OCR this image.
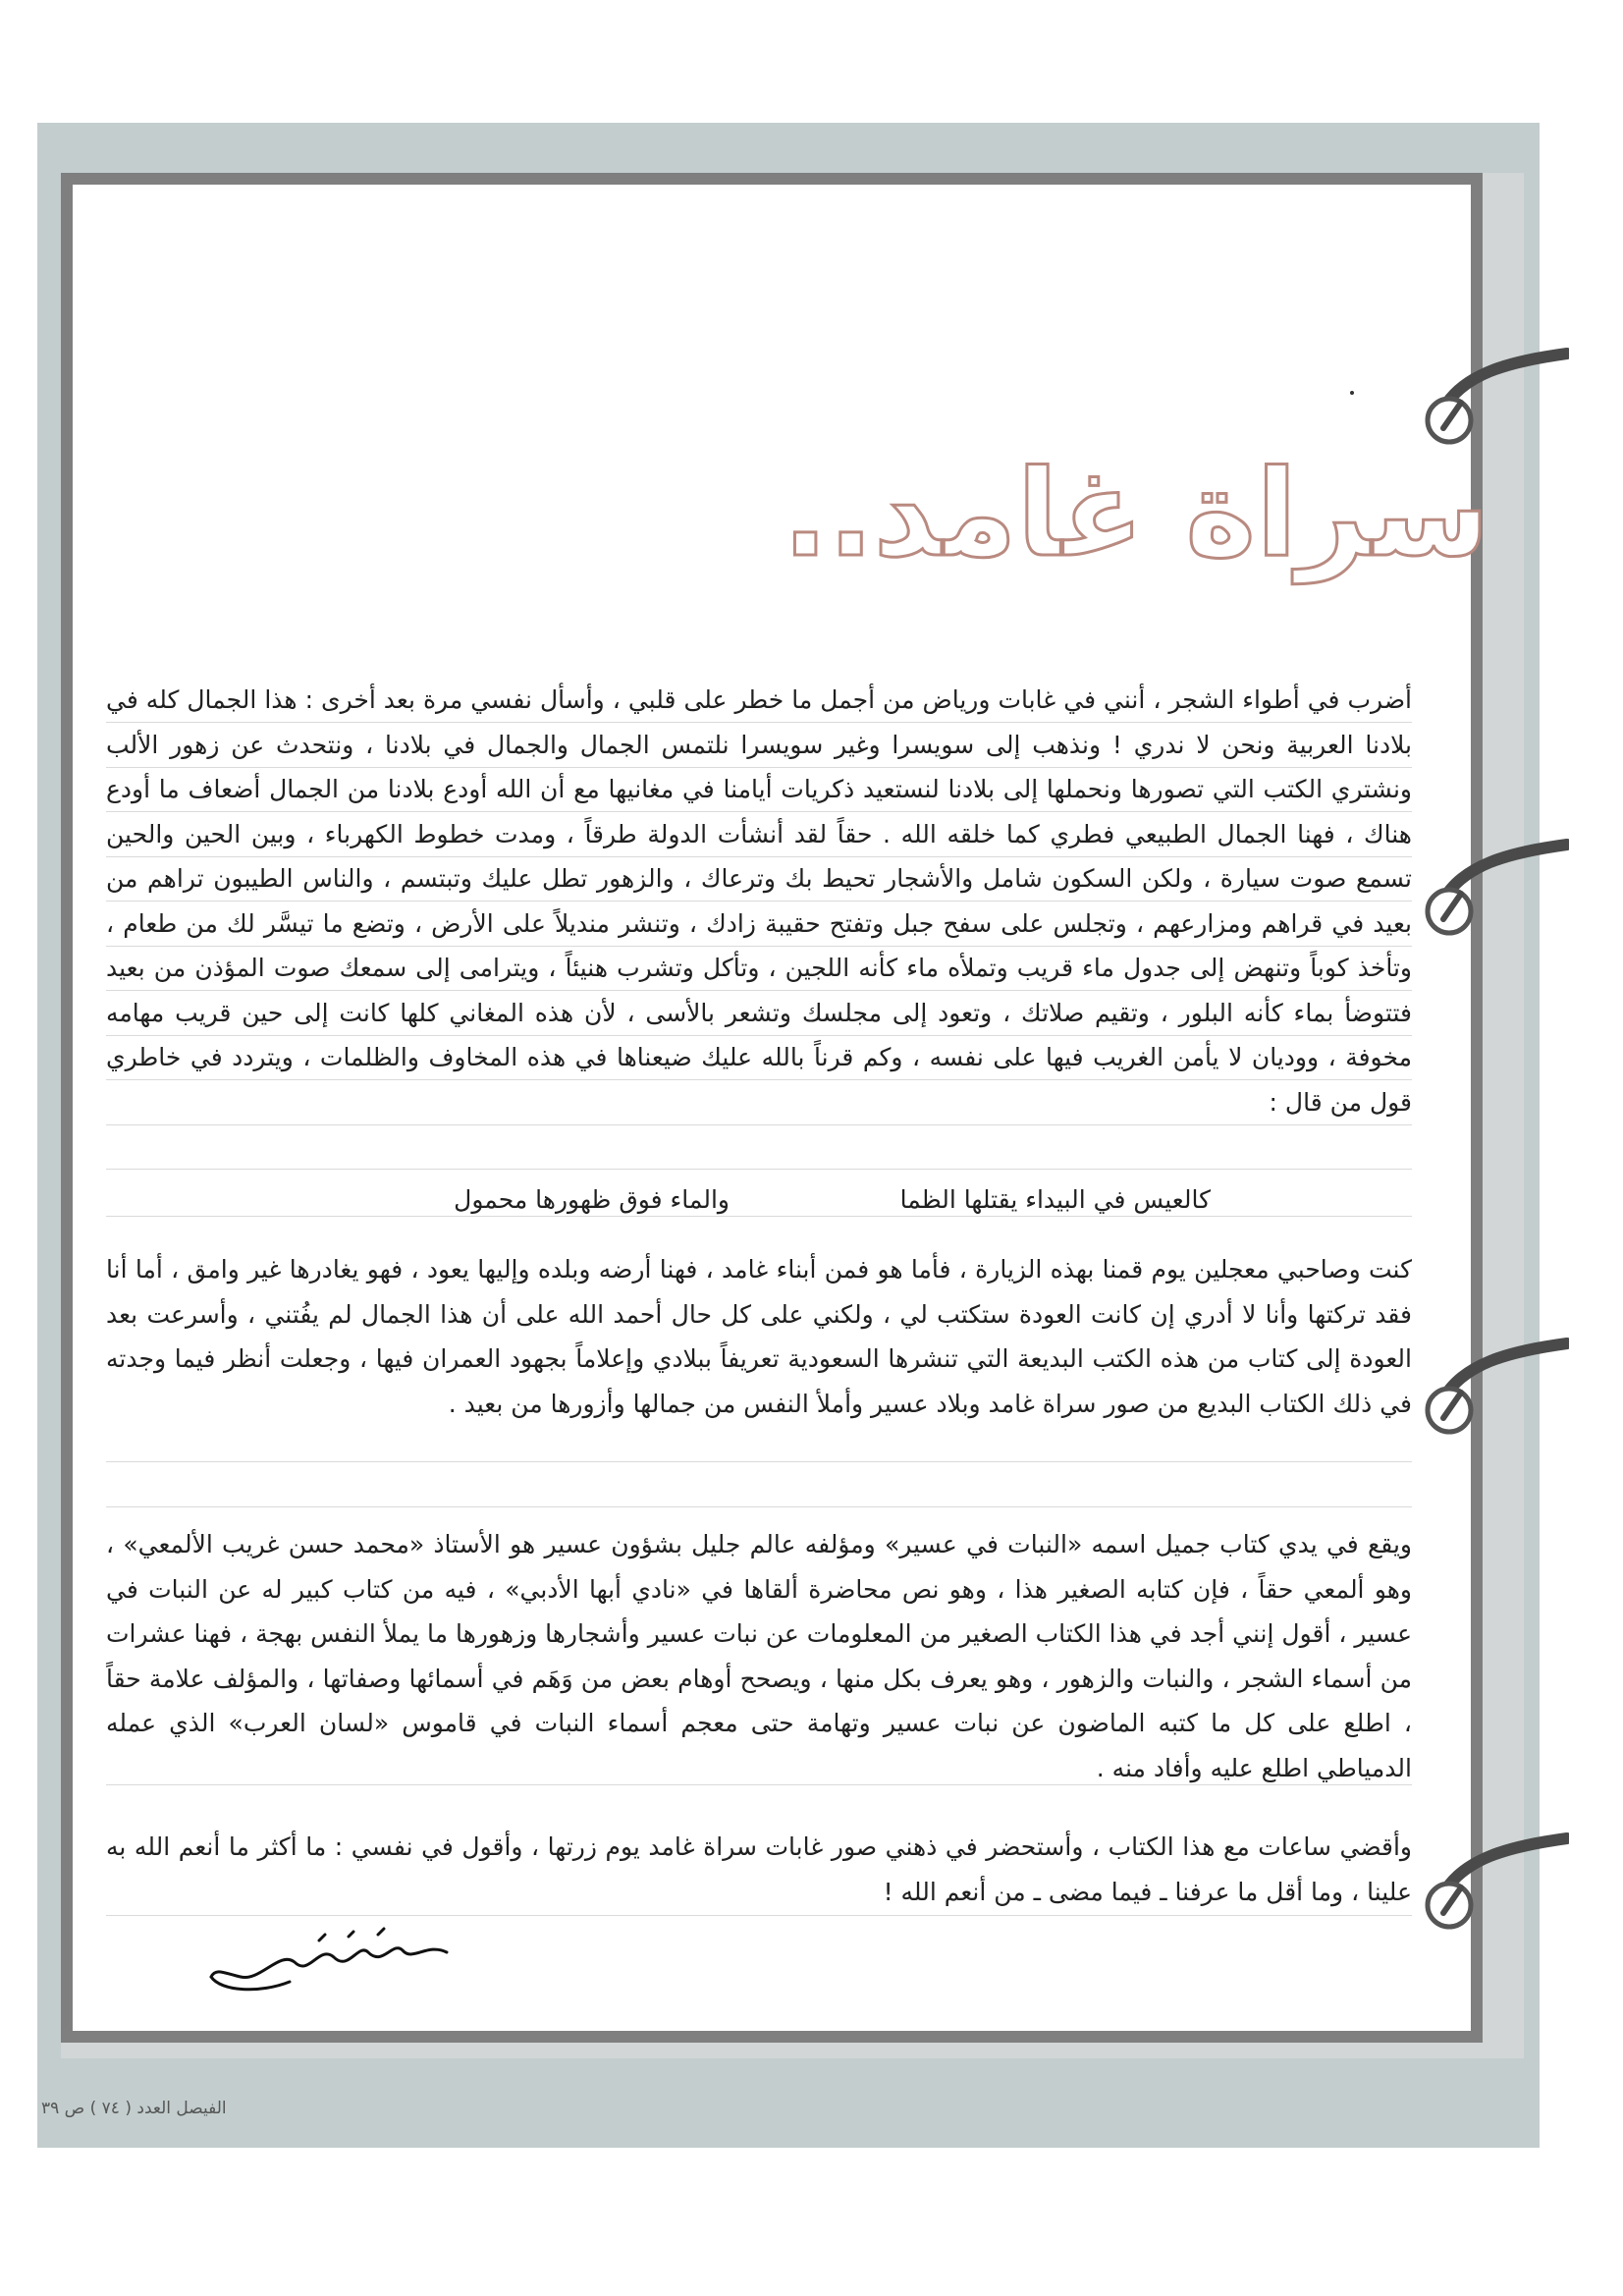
سراة غامد..

أضرب في أطواء الشجر ، أنني في غابات ورياض من أجمل ما خطر على قلبي ، وأسأل نفسي مرة بعد أخرى : هذا الجمال كله في بلادنا العربية ونحن لا ندري ! ونذهب إلى سويسرا وغير سويسرا نلتمس الجمال والجمال في بلادنا ، ونتحدث عن زهور الألب ونشتري الكتب التي تصورها ونحملها إلى بلادنا لنستعيد ذكريات أيامنا في مغانيها مع أن الله أودع بلادنا من الجمال أضعاف ما أودع هناك ، فهنا الجمال الطبيعي فطري كما خلقه الله . حقاً لقد أنشأت الدولة طرقاً ، ومدت خطوط الكهرباء ، وبين الحين والحين تسمع صوت سيارة ، ولكن السكون شامل والأشجار تحيط بك وترعاك ، والزهور تطل عليك وتبتسم ، والناس الطيبون تراهم من بعيد في قراهم ومزارعهم ، وتجلس على سفح جبل وتفتح حقيبة زادك ، وتنشر منديلاً على الأرض ، وتضع ما تيسَّر لك من طعام ، وتأخذ كوباً وتنهض إلى جدول ماء قريب وتملأه ماء كأنه اللجين ، وتأكل وتشرب هنيئاً ، ويترامى إلى سمعك صوت المؤذن من بعيد فتتوضأ بماء كأنه البلور ، وتقيم صلاتك ، وتعود إلى مجلسك وتشعر بالأسى ، لأن هذه المغاني كلها كانت إلى حين قريب مهامه مخوفة ، ووديان لا يأمن الغريب فيها على نفسه ، وكم قرناً بالله عليك ضيعناها في هذه المخاوف والظلمات ، ويتردد في خاطري قول من قال :

كالعيس في البيداء يقتلها الظما
والماء فوق ظهورها محمول

كنت وصاحبي معجلين يوم قمنا بهذه الزيارة ، فأما هو فمن أبناء غامد ، فهنا أرضه وبلده وإليها يعود ، فهو يغادرها غير وامق ، أما أنا فقد تركتها وأنا لا أدري إن كانت العودة ستكتب لي ، ولكني على كل حال أحمد الله على أن هذا الجمال لم يفُتني ، وأسرعت بعد العودة إلى كتاب من هذه الكتب البديعة التي تنشرها السعودية تعريفاً ببلادي وإعلاماً بجهود العمران فيها ، وجعلت أنظر فيما وجدته في ذلك الكتاب البديع من صور سراة غامد وبلاد عسير وأملأ النفس من جمالها وأزورها من بعيد .

ويقع في يدي كتاب جميل اسمه «النبات في عسير» ومؤلفه عالم جليل بشؤون عسير هو الأستاذ «محمد حسن غريب الألمعي» ، وهو ألمعي حقاً ، فإن كتابه الصغير هذا ، وهو نص محاضرة ألقاها في «نادي أبها الأدبي» ، فيه من كتاب كبير له عن النبات في عسير ، أقول إنني أجد في هذا الكتاب الصغير من المعلومات عن نبات عسير وأشجارها وزهورها ما يملأ النفس بهجة ، فهنا عشرات من أسماء الشجر ، والنبات والزهور ، وهو يعرف بكل منها ، ويصحح أوهام بعض من وَهَم في أسمائها وصفاتها ، والمؤلف علامة حقاً ، اطلع على كل ما كتبه الماضون عن نبات عسير وتهامة حتى معجم أسماء النبات في قاموس «لسان العرب» الذي عمله الدمياطي اطلع عليه وأفاد منه .

وأقضي ساعات مع هذا الكتاب ، وأستحضر في ذهني صور غابات سراة غامد يوم زرتها ، وأقول في نفسي : ما أكثر ما أنعم الله به علينا ، وما أقل ما عرفنا ـ فيما مضى ـ من أنعم الله !

الفيصل العدد ( ٧٤ ) ص ٣٩
